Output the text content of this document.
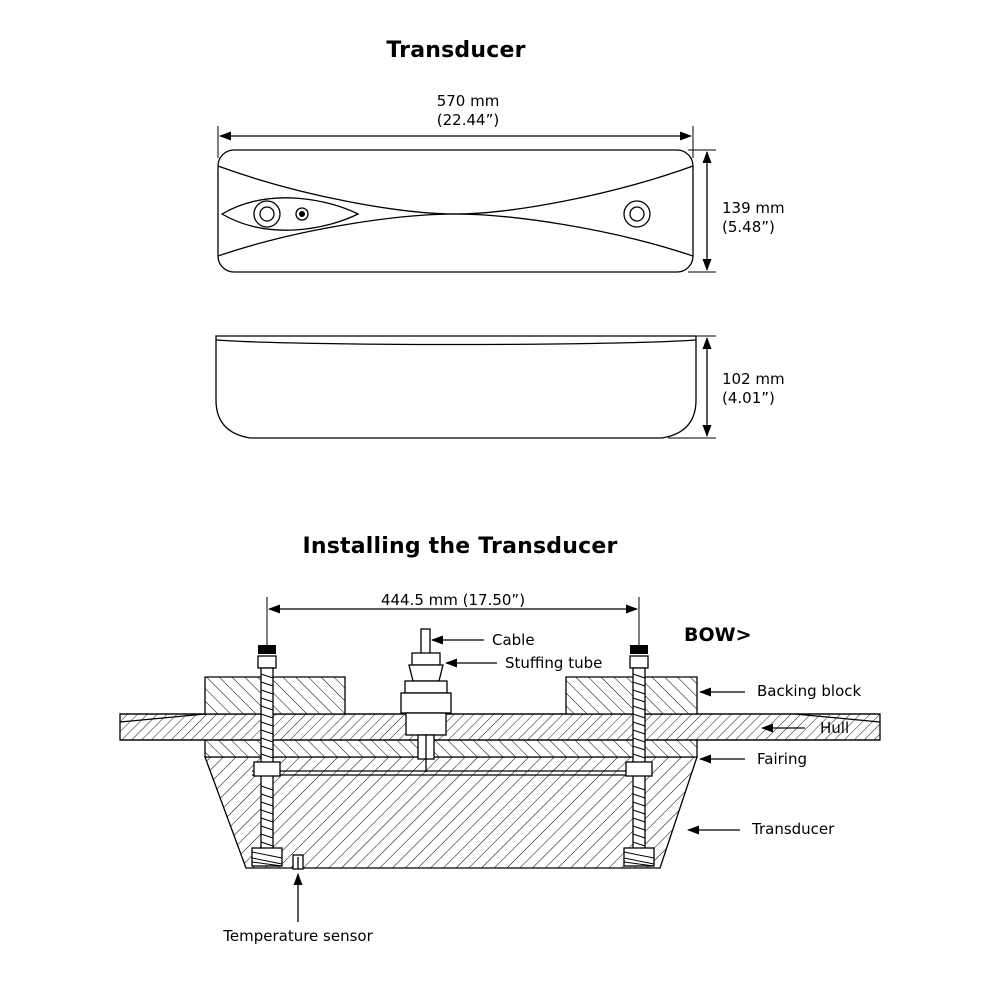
Transducer
Installing the Transducer
570 mm
(22.44”)
139 mm
(5.48”)
102 mm
(4.01”)
444.5 mm (17.50”)
BOW>
Cable
Stuffing tube
Backing block
Hull
Fairing
Transducer
Temperature sensor
